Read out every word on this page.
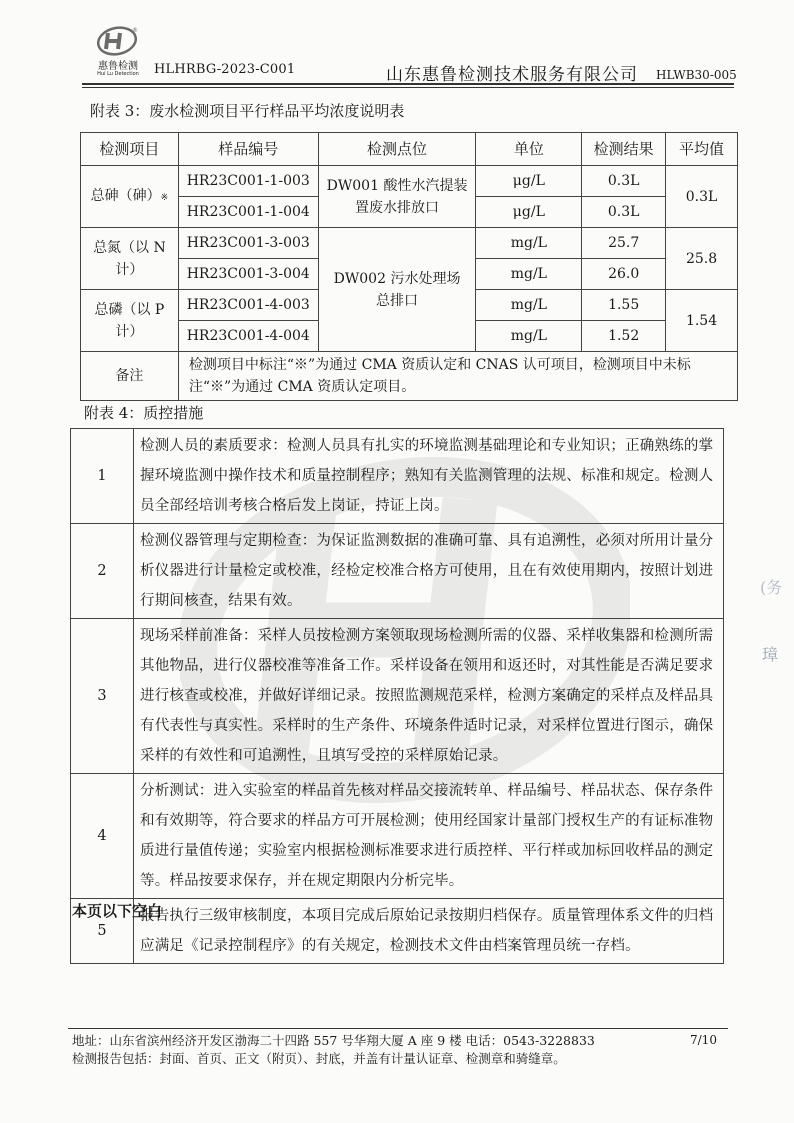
®
惠鲁检测
Hui Lu Detection	HLHRBG-2023-C001	山东惠鲁检测技术服务有限公司 HLWB30-005
附表 3：废水检测项目平行样品平均浓度说明表
检测项目	样品编号	检测点位	单位	检测结果	平均值
总砷（砷）※	HR23C001-1-003	DW001 酸性水汽提装置废水排放口	μg/L	0.3L	0.3L
	HR23C001-1-004		μg/L	0.3L	
总氮（以 N 计）	HR23C001-3-003	DW002 污水处理场总排口	mg/L	25.7	25.8
	HR23C001-3-004		mg/L	26.0	
总磷（以 P 计）	HR23C001-4-003		mg/L	1.55	1.54
	HR23C001-4-004		mg/L	1.52	
备注	检测项目中标注“※”为通过 CMA 资质认定和 CNAS 认可项目，检测项目中未标注“※”为通过 CMA 资质认定项目。				
附表 4：质控措施
1	检测人员的素质要求：检测人员具有扎实的环境监测基础理论和专业知识；正确熟练的掌握环境监测中操作技术和质量控制程序；熟知有关监测管理的法规、标准和规定。检测人员全部经培训考核合格后发上岗证，持证上岗。
2	检测仪器管理与定期检查：为保证监测数据的准确可靠、具有追溯性，必须对所用计量分析仪器进行计量检定或校准，经检定校准合格方可使用，且在有效使用期内，按照计划进行期间核查，结果有效。
3	现场采样前准备：采样人员按检测方案领取现场检测所需的仪器、采样收集器和检测所需其他物品，进行仪器校准等准备工作。采样设备在领用和返还时，对其性能是否满足要求进行核查或校准，并做好详细记录。按照监测规范采样，检测方案确定的采样点及样品具有代表性与真实性。采样时的生产条件、环境条件适时记录，对采样位置进行图示，确保采样的有效性和可追溯性，且填写受控的采样原始记录。
4	分析测试：进入实验室的样品首先核对样品交接流转单、样品编号、样品状态、保存条件和有效期等，符合要求的样品方可开展检测；使用经国家计量部门授权生产的有证标准物质进行量值传递；实验室内根据检测标准要求进行质控样、平行样或加标回收样品的测定等。样品按要求保存，并在规定期限内分析完毕。
5	报告执行三级审核制度，本项目完成后原始记录按期归档保存。质量管理体系文件的归档应满足《记录控制程序》的有关规定，检测技术文件由档案管理员统一存档。
本页以下空白
(务
璋
地址：山东省滨州经济开发区渤海二十四路 557 号华翔大厦 A 座 9 楼 电话：0543-3228833	7/10
检测报告包括：封面、首页、正文（附页）、封底，并盖有计量认证章、检测章和骑缝章。
